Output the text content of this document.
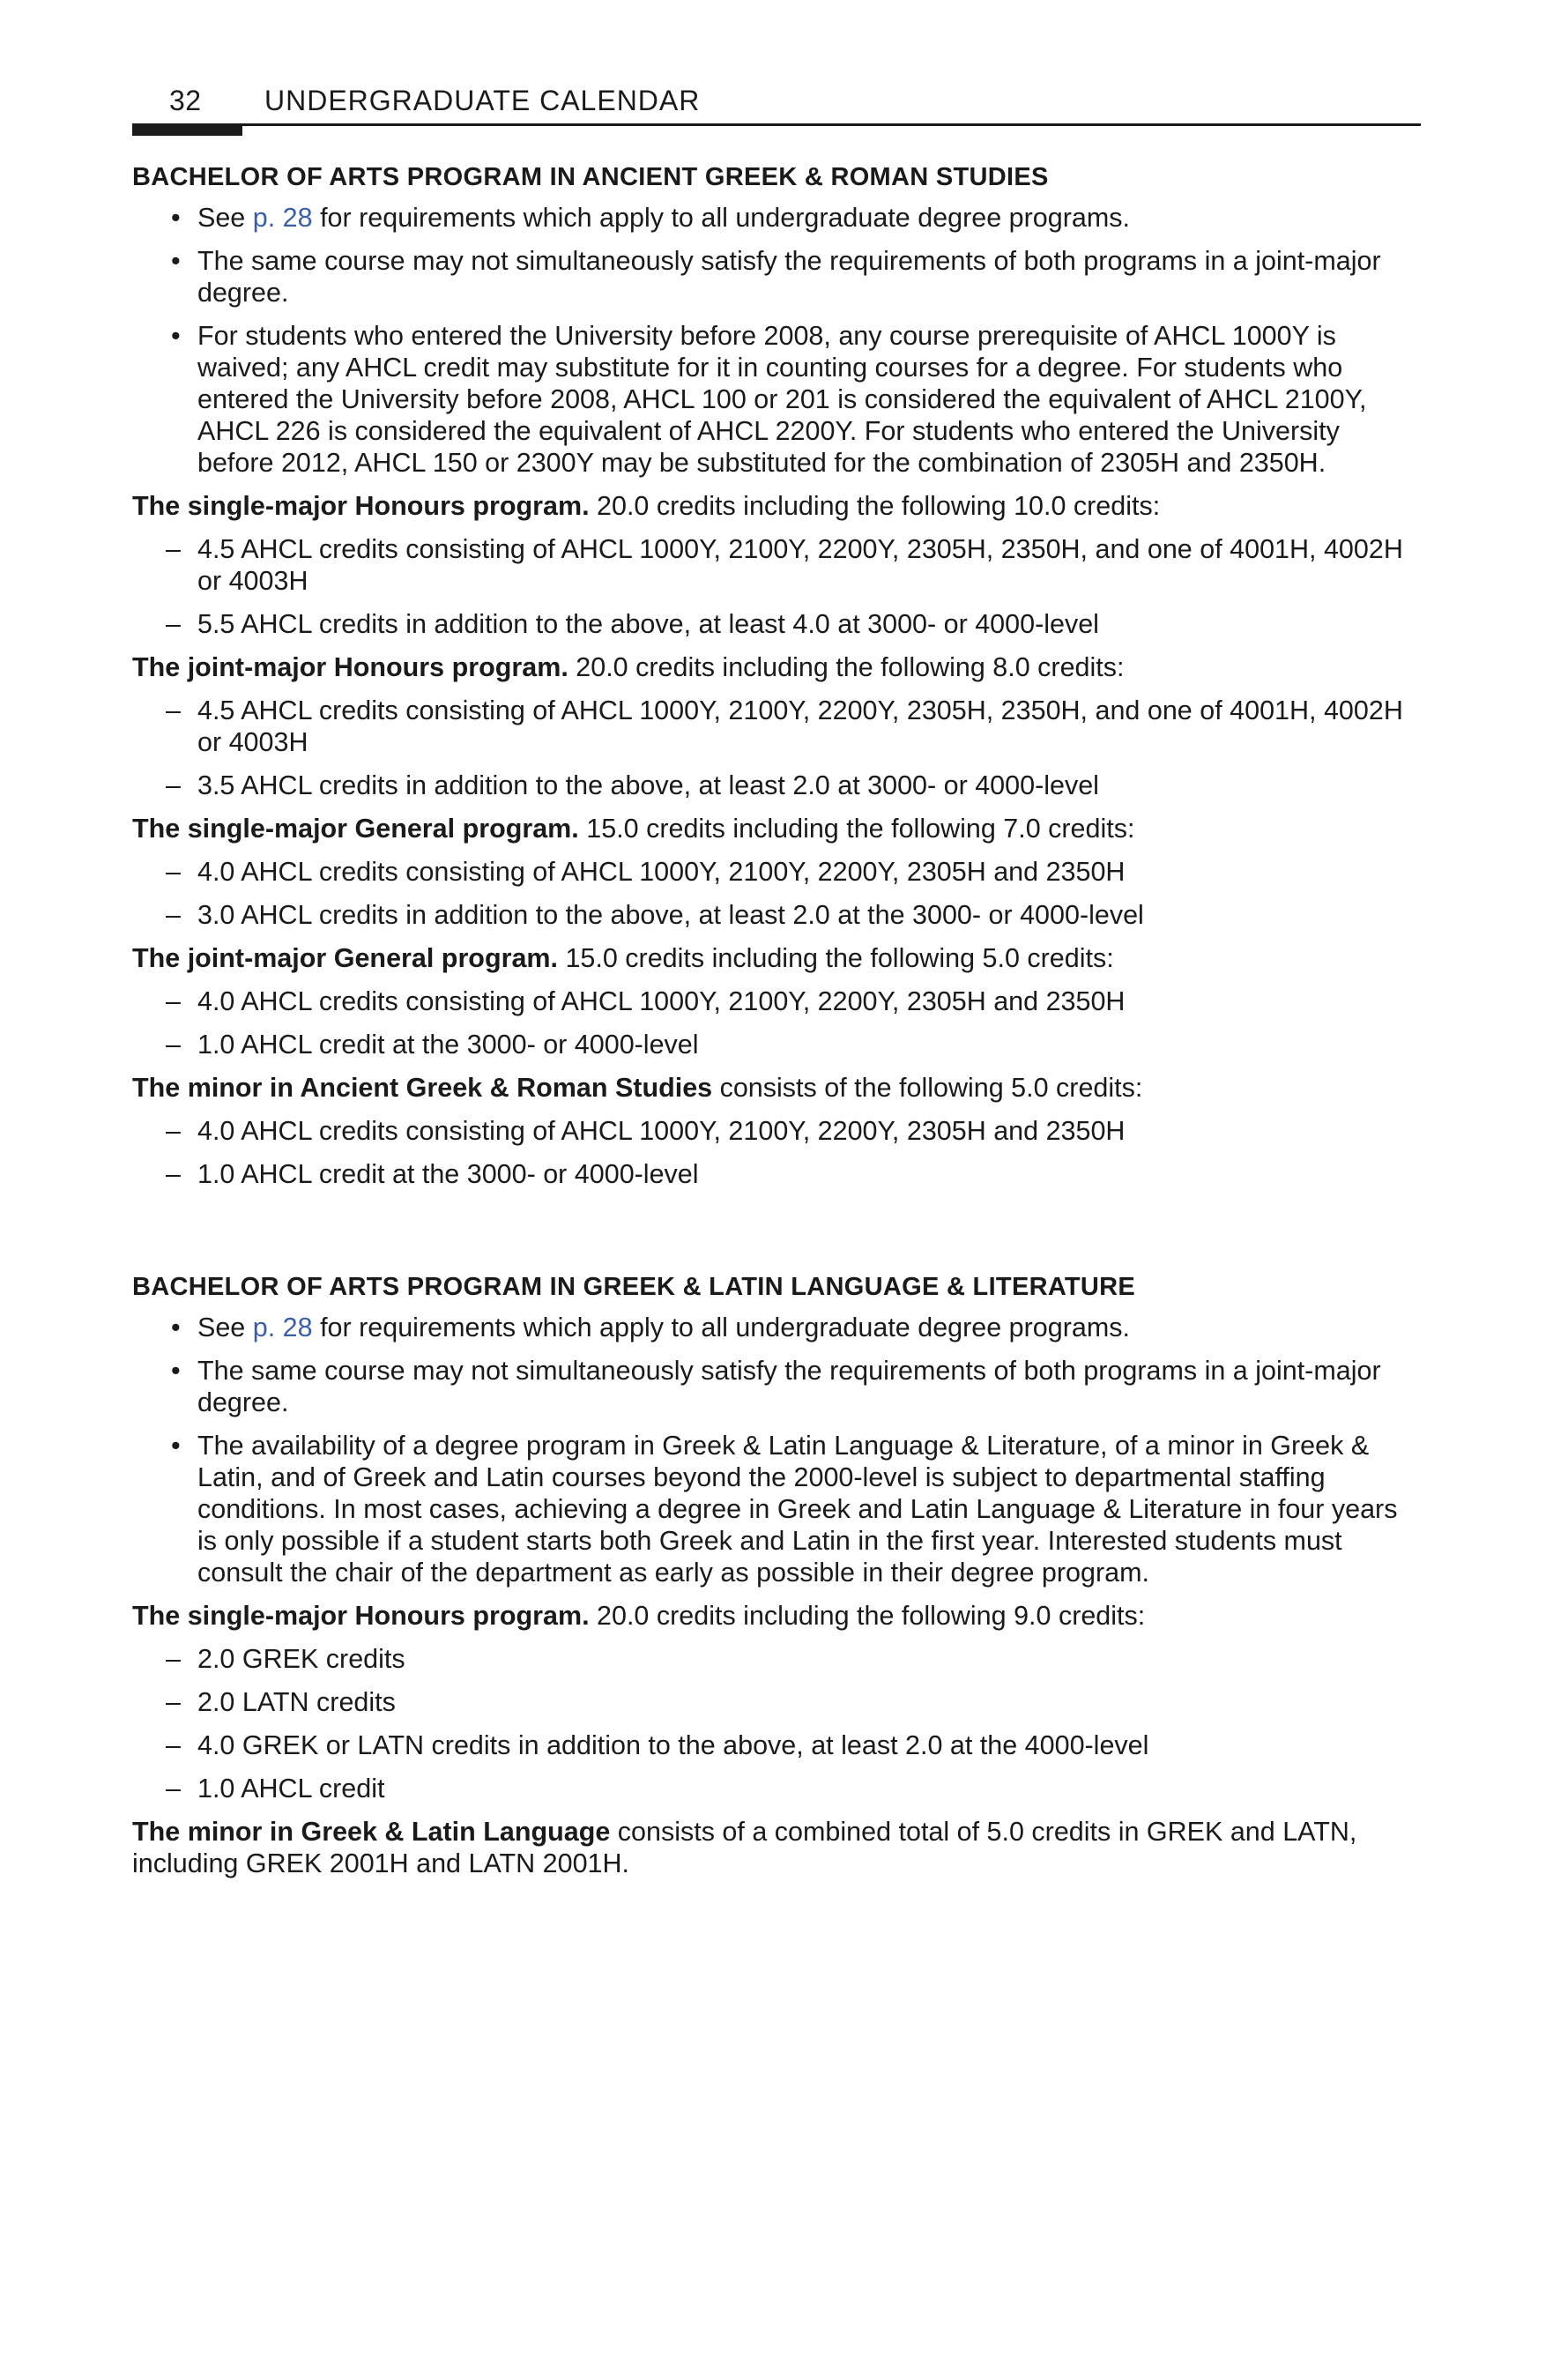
32 UNDERGRADUATE CALENDAR
BACHELOR OF ARTS PROGRAM IN ANCIENT GREEK & ROMAN STUDIES
• See p. 28 for requirements which apply to all undergraduate degree programs.
• The same course may not simultaneously satisfy the requirements of both programs in a joint-major degree.
• For students who entered the University before 2008, any course prerequisite of AHCL 1000Y is waived; any AHCL credit may substitute for it in counting courses for a degree. For students who entered the University before 2008, AHCL 100 or 201 is considered the equivalent of AHCL 2100Y, AHCL 226 is considered the equivalent of AHCL 2200Y. For students who entered the University before 2012, AHCL 150 or 2300Y may be substituted for the combination of 2305H and 2350H.
The single-major Honours program. 20.0 credits including the following 10.0 credits:
– 4.5 AHCL credits consisting of AHCL 1000Y, 2100Y, 2200Y, 2305H, 2350H, and one of 4001H, 4002H or 4003H
– 5.5 AHCL credits in addition to the above, at least 4.0 at 3000- or 4000-level
The joint-major Honours program. 20.0 credits including the following 8.0 credits:
– 4.5 AHCL credits consisting of AHCL 1000Y, 2100Y, 2200Y, 2305H, 2350H, and one of 4001H, 4002H or 4003H
– 3.5 AHCL credits in addition to the above, at least 2.0 at 3000- or 4000-level
The single-major General program. 15.0 credits including the following 7.0 credits:
– 4.0 AHCL credits consisting of AHCL 1000Y, 2100Y, 2200Y, 2305H and 2350H
– 3.0 AHCL credits in addition to the above, at least 2.0 at the 3000- or 4000-level
The joint-major General program. 15.0 credits including the following 5.0 credits:
– 4.0 AHCL credits consisting of AHCL 1000Y, 2100Y, 2200Y, 2305H and 2350H
– 1.0 AHCL credit at the 3000- or 4000-level
The minor in Ancient Greek & Roman Studies consists of the following 5.0 credits:
– 4.0 AHCL credits consisting of AHCL 1000Y, 2100Y, 2200Y, 2305H and 2350H
– 1.0 AHCL credit at the 3000- or 4000-level
BACHELOR OF ARTS PROGRAM IN GREEK & LATIN LANGUAGE & LITERATURE
• See p. 28 for requirements which apply to all undergraduate degree programs.
• The same course may not simultaneously satisfy the requirements of both programs in a joint-major degree.
• The availability of a degree program in Greek & Latin Language & Literature, of a minor in Greek & Latin, and of Greek and Latin courses beyond the 2000-level is subject to departmental staffing conditions. In most cases, achieving a degree in Greek and Latin Language & Literature in four years is only possible if a student starts both Greek and Latin in the first year. Interested students must consult the chair of the department as early as possible in their degree program.
The single-major Honours program. 20.0 credits including the following 9.0 credits:
– 2.0 GREK credits
– 2.0 LATN credits
– 4.0 GREK or LATN credits in addition to the above, at least 2.0 at the 4000-level
– 1.0 AHCL credit
The minor in Greek & Latin Language consists of a combined total of 5.0 credits in GREK and LATN, including GREK 2001H and LATN 2001H.
